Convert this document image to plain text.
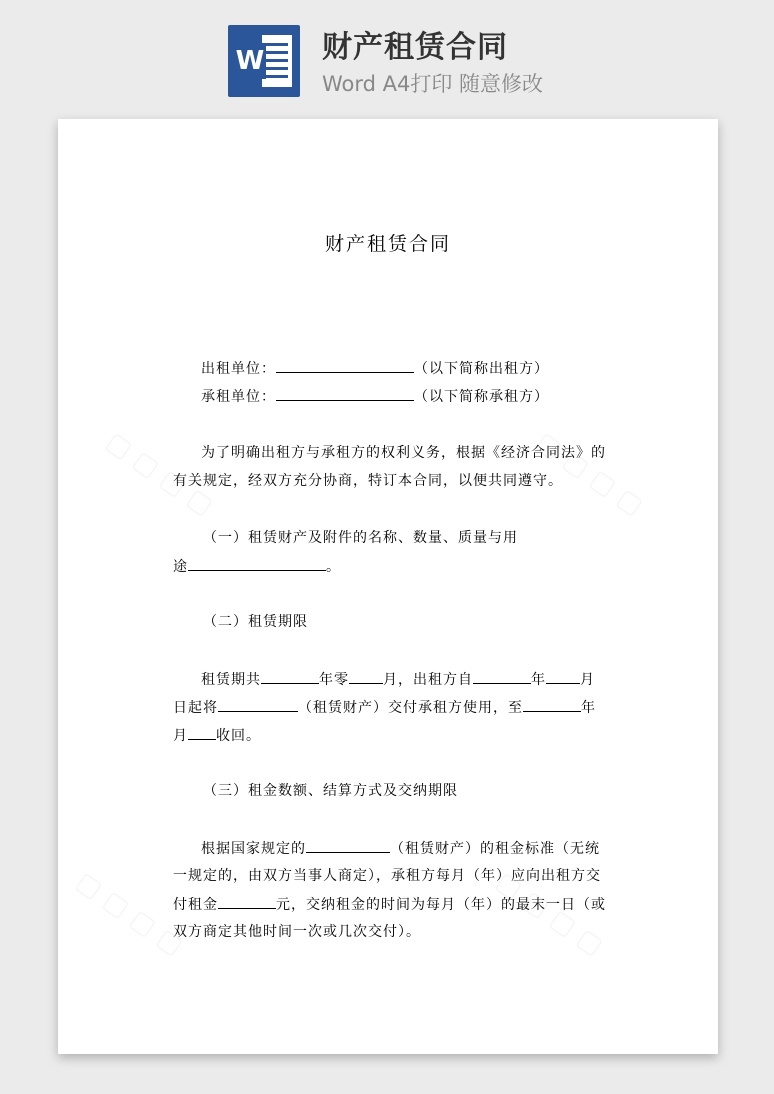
W 财产租赁合同
Word A4打印 随意修改
财产租赁合同
出租单位：	（以下简称出租方）
承租单位：	（以下简称承租方）
为了明确出租方与承租方的权利义务，根据《经济合同法》的
有关规定，经双方充分协商，特订本合同，以便共同遵守。
（一）租赁财产及附件的名称、数量、质量与用
途	。
（二）租赁期限
租赁期共	年零 月，出租方自	年 月
日起将	（租赁财产）交付承租方使用，至	年
月 收回。
（三）租金数额、结算方式及交纳期限
根据国家规定的	（租赁财产）的租金标准（无统
一规定的，由双方当事人商定），承租方每月（年）应向出租方交
付租金	元，交纳租金的时间为每月（年）的最末一日（或
双方商定其他时间一次或几次交付）。
